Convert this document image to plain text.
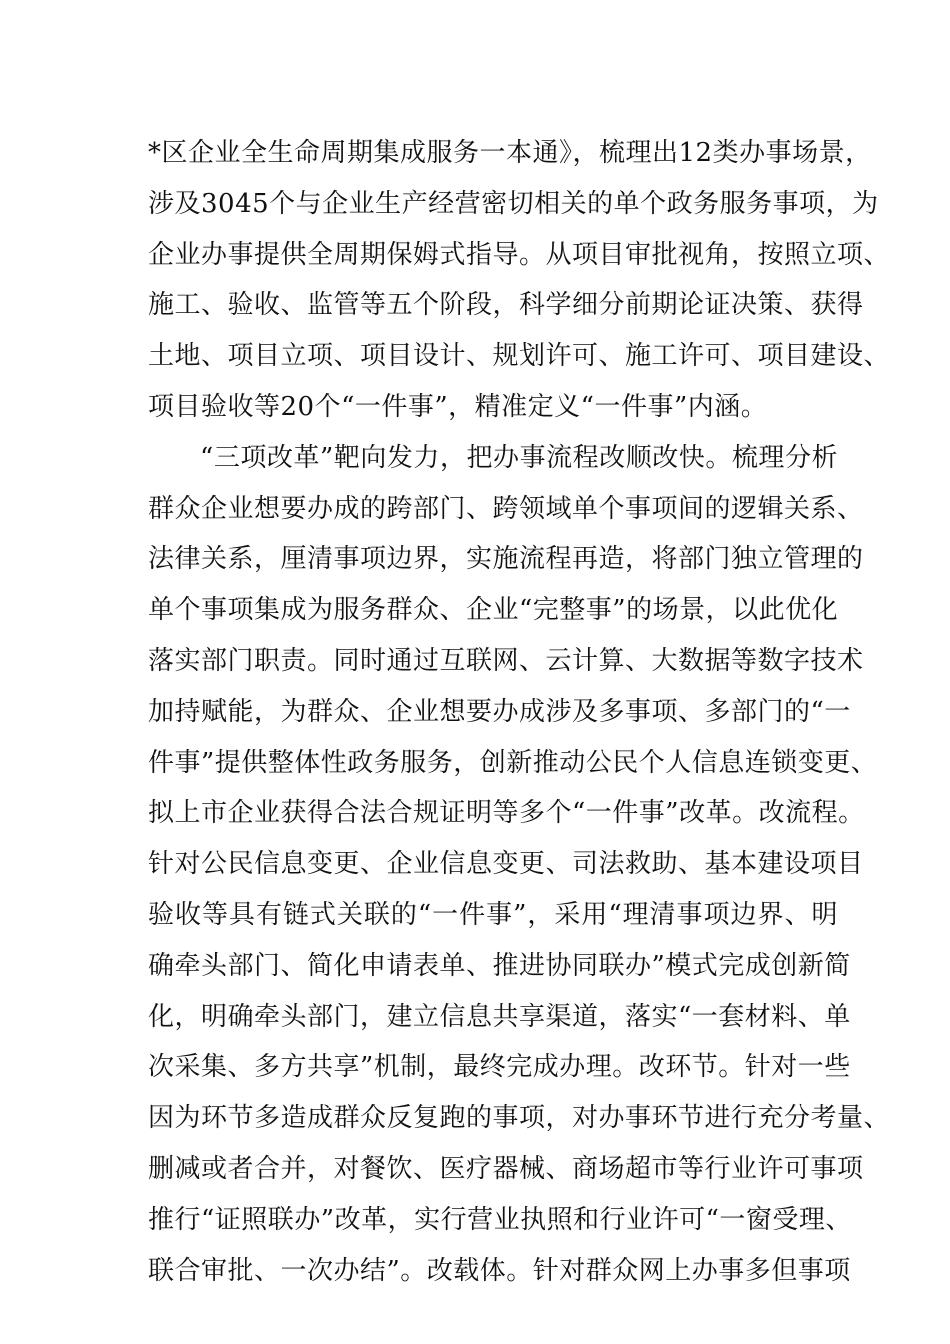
*区企业全生命周期集成服务一本通》，梳理出12类办事场景，
涉及3045个与企业生产经营密切相关的单个政务服务事项，为
企业办事提供全周期保姆式指导。从项目审批视角，按照立项、
施工、验收、监管等五个阶段，科学细分前期论证决策、获得
土地、项目立项、项目设计、规划许可、施工许可、项目建设、
项目验收等20个“一件事”，精准定义“一件事”内涵。
“三项改革”靶向发力，把办事流程改顺改快。梳理分析
群众企业想要办成的跨部门、跨领域单个事项间的逻辑关系、
法律关系，厘清事项边界，实施流程再造，将部门独立管理的
单个事项集成为服务群众、企业“完整事”的场景，以此优化
落实部门职责。同时通过互联网、云计算、大数据等数字技术
加持赋能，为群众、企业想要办成涉及多事项、多部门的“一
件事”提供整体性政务服务，创新推动公民个人信息连锁变更、
拟上市企业获得合法合规证明等多个“一件事”改革。改流程。
针对公民信息变更、企业信息变更、司法救助、基本建设项目
验收等具有链式关联的“一件事”，采用“理清事项边界、明
确牵头部门、简化申请表单、推进协同联办”模式完成创新简
化，明确牵头部门，建立信息共享渠道，落实“一套材料、单
次采集、多方共享”机制，最终完成办理。改环节。针对一些
因为环节多造成群众反复跑的事项，对办事环节进行充分考量、
删减或者合并，对餐饮、医疗器械、商场超市等行业许可事项
推行“证照联办”改革，实行营业执照和行业许可“一窗受理、
联合审批、一次办结”。改载体。针对群众网上办事多但事项
